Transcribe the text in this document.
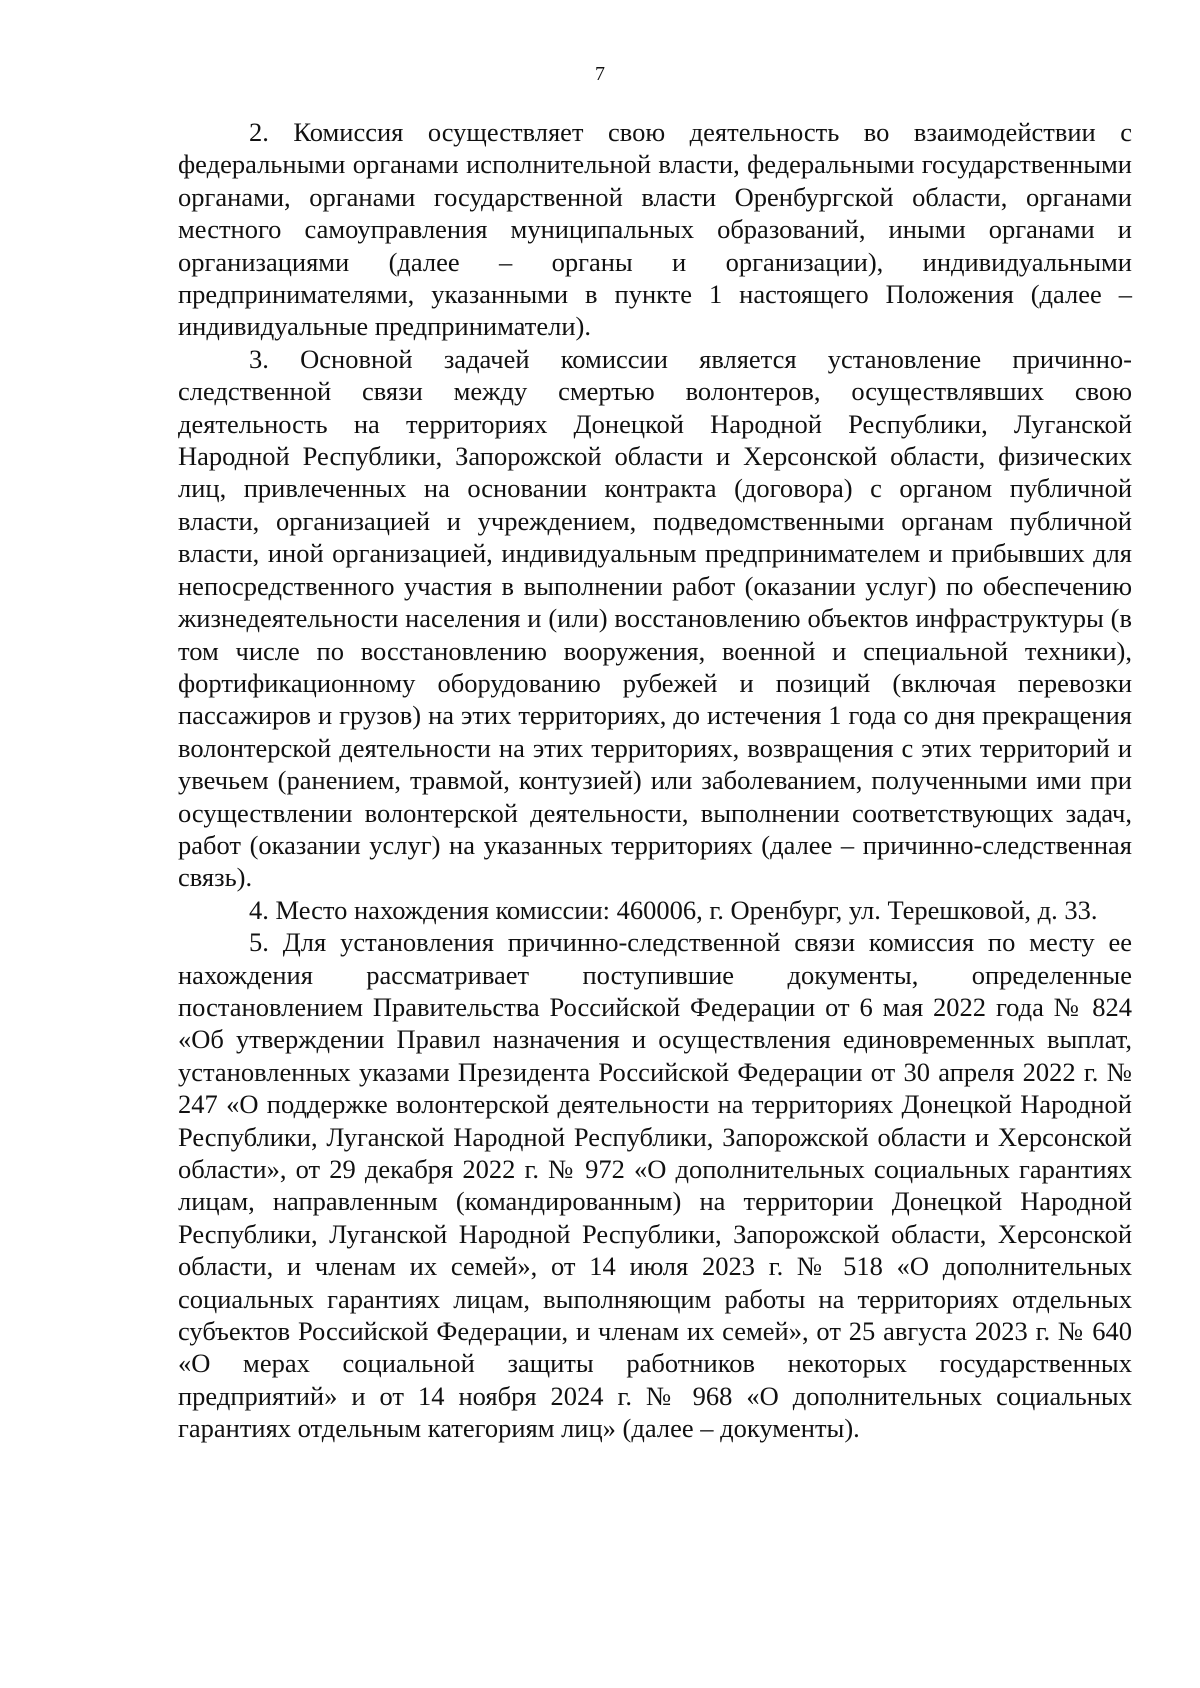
7

2. Комиссия осуществляет свою деятельность во взаимодействии с федеральными органами исполнительной власти, федеральными государственными органами, органами государственной власти Оренбургской области, органами местного самоуправления муниципальных образований, иными органами и организациями (далее – органы и организации), индивидуальными предпринимателями, указанными в пункте 1 настоящего Положения (далее – индивидуальные предприниматели).

3. Основной задачей комиссии является установление причинно-следственной связи между смертью волонтеров, осуществлявших свою деятельность на территориях Донецкой Народной Республики, Луганской Народной Республики, Запорожской области и Херсонской области, физических лиц, привлеченных на основании контракта (договора) с органом публичной власти, организацией и учреждением, подведомственными органам публичной власти, иной организацией, индивидуальным предпринимателем и прибывших для непосредственного участия в выполнении работ (оказании услуг) по обеспечению жизнедеятельности населения и (или) восстановлению объектов инфраструктуры (в том числе по восстановлению вооружения, военной и специальной техники), фортификационному оборудованию рубежей и позиций (включая перевозки пассажиров и грузов) на этих территориях, до истечения 1 года со дня прекращения волонтерской деятельности на этих территориях, возвращения с этих территорий и увечьем (ранением, травмой, контузией) или заболеванием, полученными ими при осуществлении волонтерской деятельности, выполнении соответствующих задач, работ (оказании услуг) на указанных территориях (далее – причинно-следственная связь).

4. Место нахождения комиссии: 460006, г. Оренбург, ул. Терешковой, д. 33.

5. Для установления причинно-следственной связи комиссия по месту ее нахождения рассматривает поступившие документы, определенные постановлением Правительства Российской Федерации от 6 мая 2022 года № 824 «Об утверждении Правил назначения и осуществления единовременных выплат, установленных указами Президента Российской Федерации от 30 апреля 2022 г. № 247 «О поддержке волонтерской деятельности на территориях Донецкой Народной Республики, Луганской Народной Республики, Запорожской области и Херсонской области», от 29 декабря 2022 г. № 972 «О дополнительных социальных гарантиях лицам, направленным (командированным) на территории Донецкой Народной Республики, Луганской Народной Республики, Запорожской области, Херсонской области, и членам их семей», от 14 июля 2023 г. № 518 «О дополнительных социальных гарантиях лицам, выполняющим работы на территориях отдельных субъектов Российской Федерации, и членам их семей», от 25 августа 2023 г. № 640 «О мерах социальной защиты работников некоторых государственных предприятий» и от 14 ноября 2024 г. № 968 «О дополнительных социальных гарантиях отдельным категориям лиц» (далее – документы).
